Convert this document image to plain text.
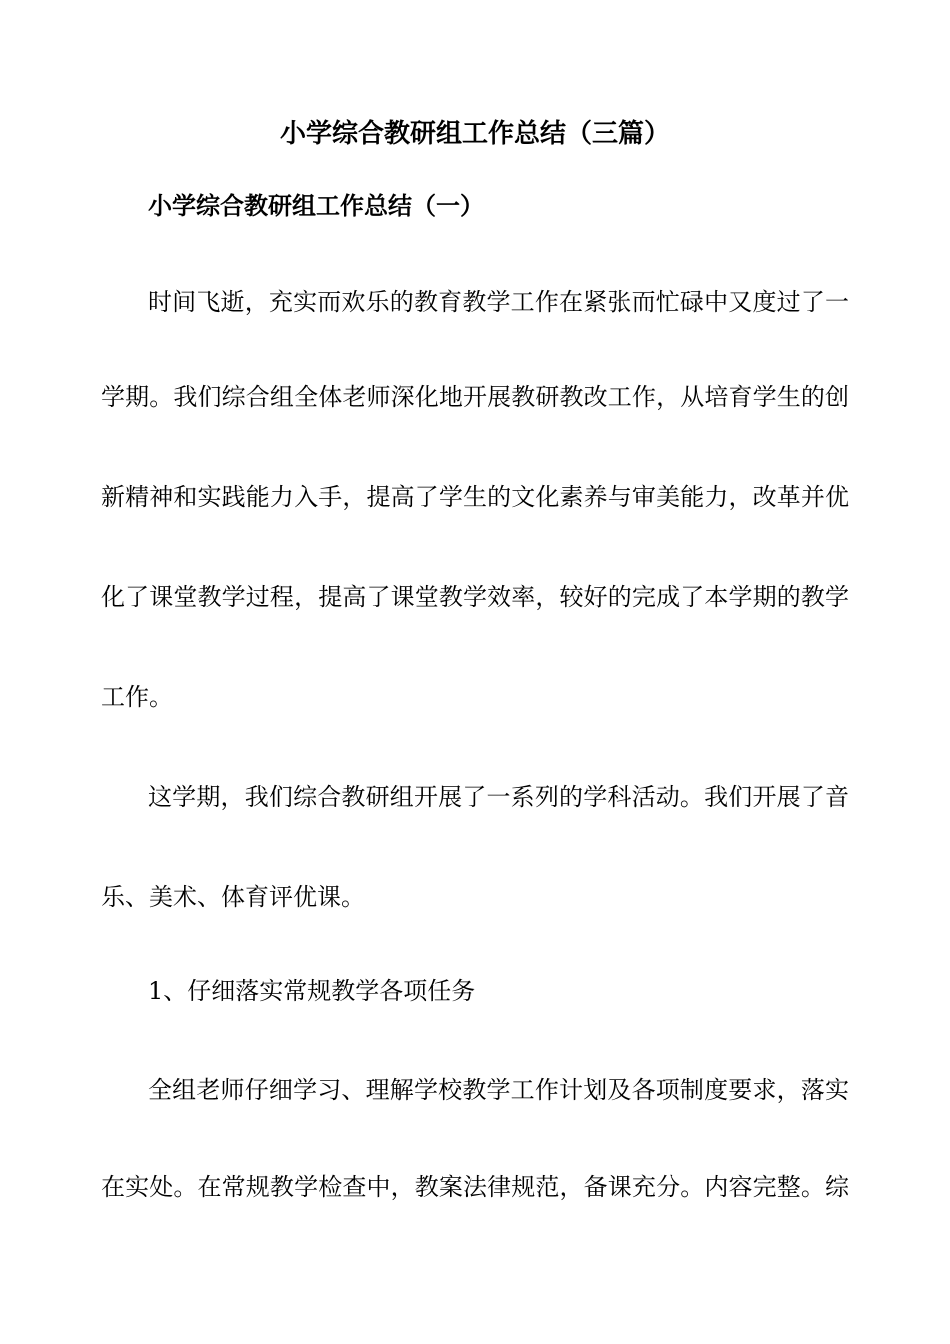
小学综合教研组工作总结（三篇）
小学综合教研组工作总结（一）
时间飞逝，充实而欢乐的教育教学工作在紧张而忙碌中又度过了一
学期。我们综合组全体老师深化地开展教研教改工作，从培育学生的创
新精神和实践能力入手，提高了学生的文化素养与审美能力，改革并优
化了课堂教学过程，提高了课堂教学效率，较好的完成了本学期的教学
工作。
这学期，我们综合教研组开展了一系列的学科活动。我们开展了音
乐、美术、体育评优课。
1、仔细落实常规教学各项任务
全组老师仔细学习、理解学校教学工作计划及各项制度要求，落实
在实处。在常规教学检查中，教案法律规范，备课充分。内容完整。综
